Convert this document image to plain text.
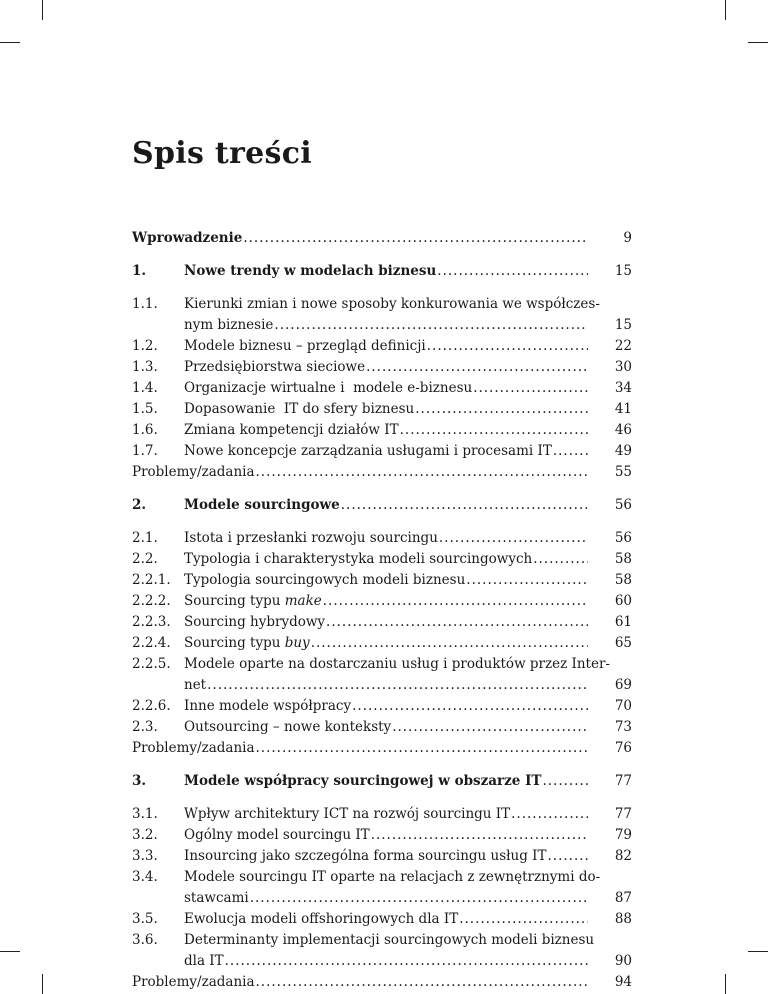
Spis treści
Wprowadzenie .....	9
1.	Nowe trendy w modelach biznesu .....	15
1.1. Kierunki zmian i nowe sposoby konkurowania we współczes-
nym biznesie .....	15
1.2. Modele biznesu – przegląd definicji .....	22
1.3. Przedsiębiorstwa sieciowe .....	30
1.4. Organizacje wirtualne i  modele e-biznesu .....	34
1.5. Dopasowanie  IT do sfery biznesu .....	41
1.6. Zmiana kompetencji działów IT .....	46
1.7. Nowe koncepcje zarządzania usługami i procesami IT .....	49
Problemy/zadania .....	55
2.	Modele sourcingowe .....	56
2.1. Istota i przesłanki rozwoju sourcingu .....	56
2.2. Typologia i charakterystyka modeli sourcingowych .....	58
2.2.1. Typologia sourcingowych modeli biznesu .....	58
2.2.2. Sourcing typu make .....	60
2.2.3. Sourcing hybrydowy .....	61
2.2.4. Sourcing typu buy .....	65
2.2.5. Modele oparte na dostarczaniu usług i produktów przez Inter-
net .....	69
2.2.6. Inne modele współpracy .....	70
2.3. Outsourcing – nowe konteksty .....	73
Problemy/zadania .....	76
3.	Modele współpracy sourcingowej w obszarze IT .....	77
3.1. Wpływ architektury ICT na rozwój sourcingu IT .....	77
3.2. Ogólny model sourcingu IT .....	79
3.3. Insourcing jako szczególna forma sourcingu usług IT .....	82
3.4. Modele sourcingu IT oparte na relacjach z zewnętrznymi do-
stawcami .....	87
3.5. Ewolucja modeli offshoringowych dla IT .....	88
3.6. Determinanty implementacji sourcingowych modeli biznesu
dla IT .....	90
Problemy/zadania .....	94
